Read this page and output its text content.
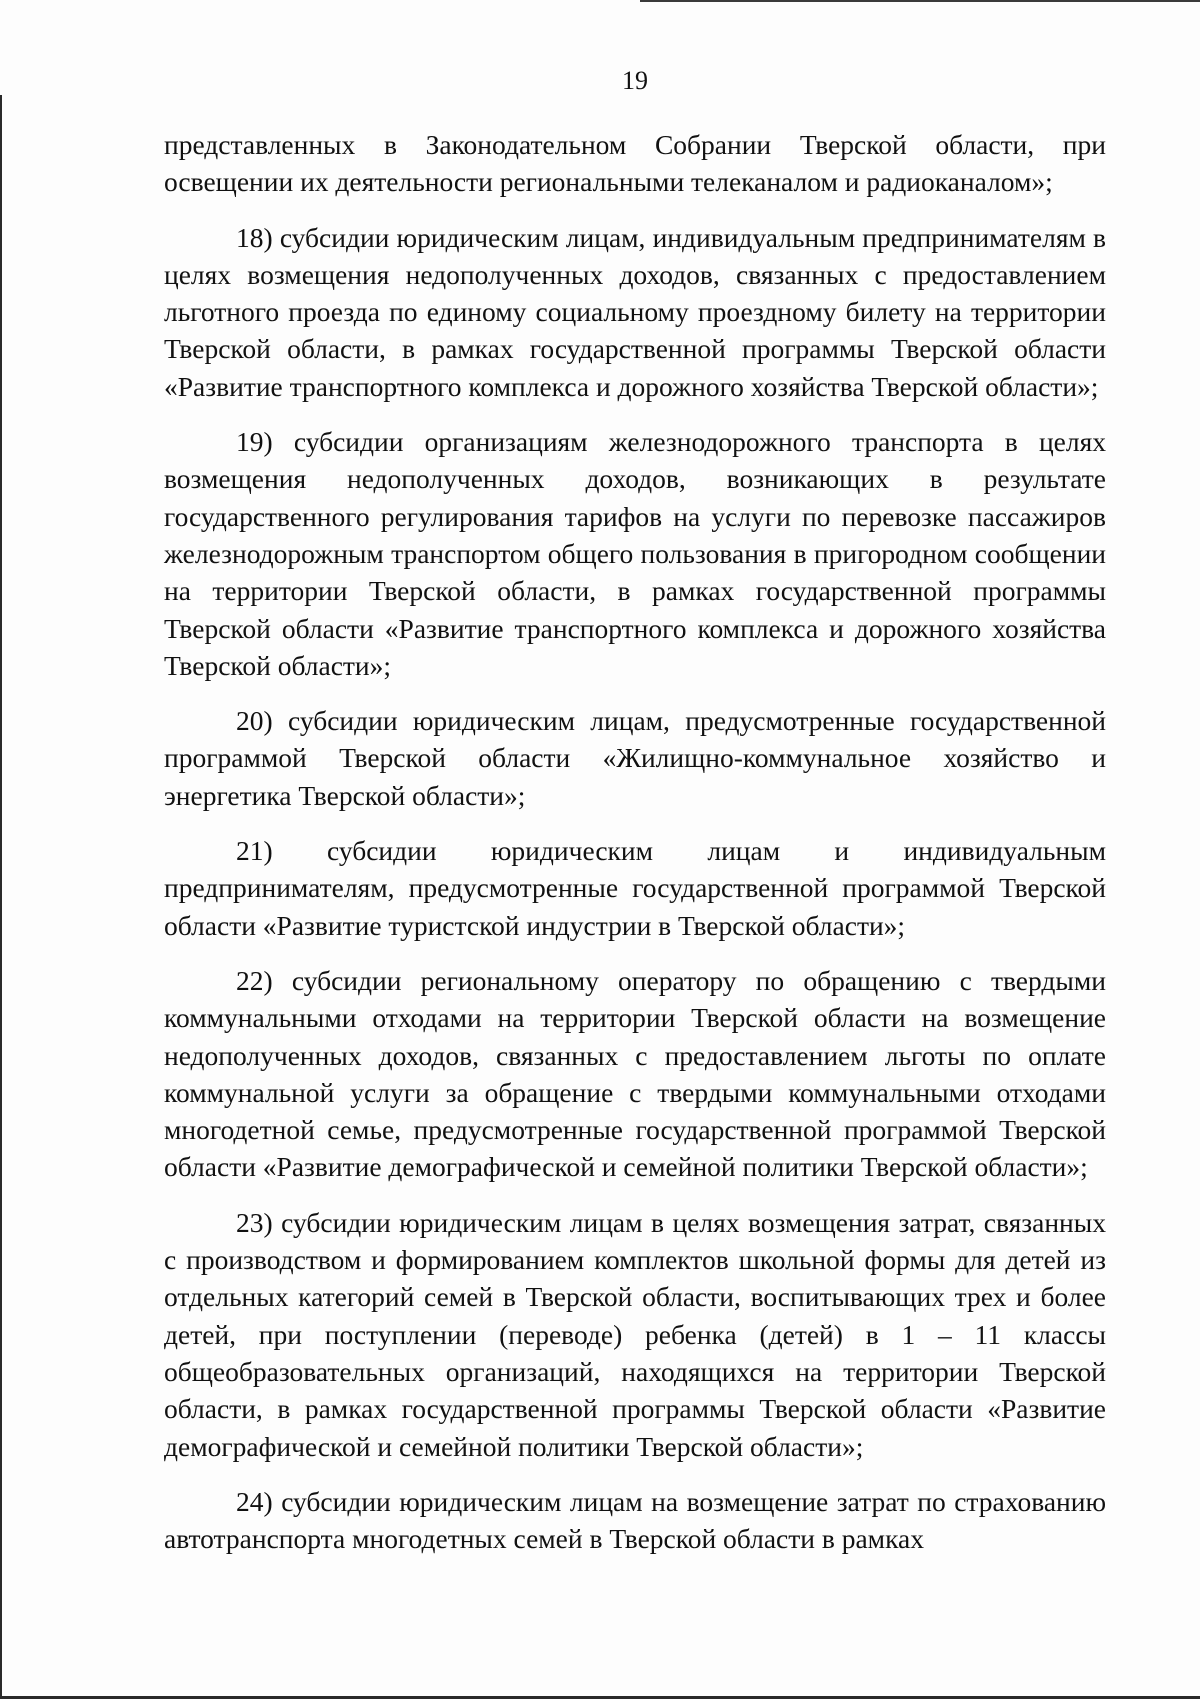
19

представленных в Законодательном Собрании Тверской области, при освещении их деятельности региональными телеканалом и радиоканалом»;

18) субсидии юридическим лицам, индивидуальным предпринимателям в целях возмещения недополученных доходов, связанных с предоставлением льготного проезда по единому социальному проездному билету на территории Тверской области, в рамках государственной программы Тверской области «Развитие транспортного комплекса и дорожного хозяйства Тверской области»;

19) субсидии организациям железнодорожного транспорта в целях возмещения недополученных доходов, возникающих в результате государственного регулирования тарифов на услуги по перевозке пассажиров железнодорожным транспортом общего пользования в пригородном сообщении на территории Тверской области, в рамках государственной программы Тверской области «Развитие транспортного комплекса и дорожного хозяйства Тверской области»;

20) субсидии юридическим лицам, предусмотренные государственной программой Тверской области «Жилищно-коммунальное хозяйство и энергетика Тверской области»;

21) субсидии юридическим лицам и индивидуальным предпринимателям, предусмотренные государственной программой Тверской области «Развитие туристской индустрии в Тверской области»;

22) субсидии региональному оператору по обращению с твердыми коммунальными отходами на территории Тверской области на возмещение недополученных доходов, связанных с предоставлением льготы по оплате коммунальной услуги за обращение с твердыми коммунальными отходами многодетной семье, предусмотренные государственной программой Тверской области «Развитие демографической и семейной политики Тверской области»;

23) субсидии юридическим лицам в целях возмещения затрат, связанных с производством и формированием комплектов школьной формы для детей из отдельных категорий семей в Тверской области, воспитывающих трех и более детей, при поступлении (переводе) ребенка (детей) в 1 – 11 классы общеобразовательных организаций, находящихся на территории Тверской области, в рамках государственной программы Тверской области «Развитие демографической и семейной политики Тверской области»;

24) субсидии юридическим лицам на возмещение затрат по страхованию автотранспорта многодетных семей в Тверской области в рамках
